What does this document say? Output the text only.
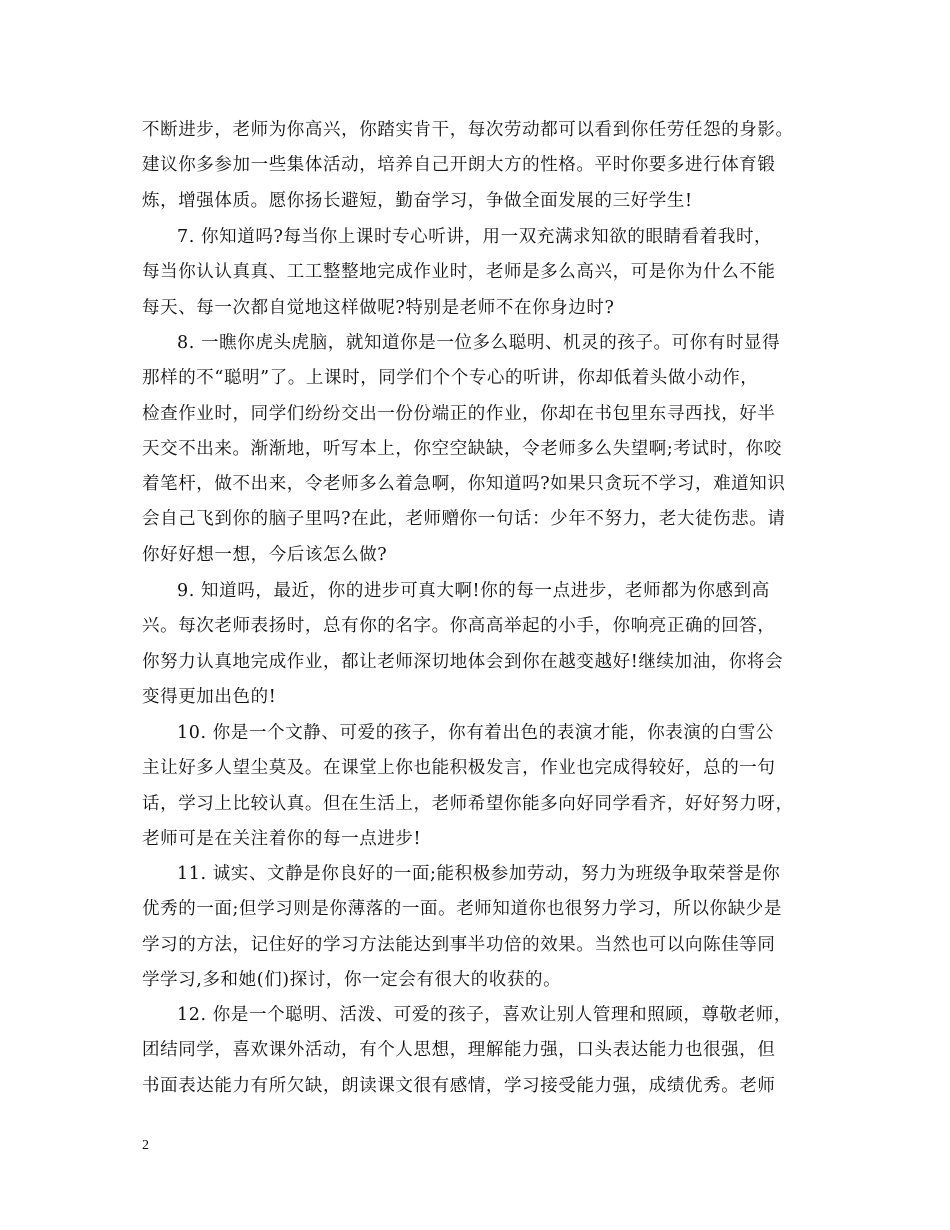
不断进步，老师为你高兴，你踏实肯干，每次劳动都可以看到你任劳任怨的身影。
建议你多参加一些集体活动，培养自己开朗大方的性格。平时你要多进行体育锻
炼，增强体质。愿你扬长避短，勤奋学习，争做全面发展的三好学生!
7. 你知道吗?每当你上课时专心听讲，用一双充满求知欲的眼睛看着我时，
每当你认认真真、工工整整地完成作业时，老师是多么高兴，可是你为什么不能
每天、每一次都自觉地这样做呢?特别是老师不在你身边时?
8. 一瞧你虎头虎脑，就知道你是一位多么聪明、机灵的孩子。可你有时显得
那样的不“聪明”了。上课时，同学们个个专心的听讲，你却低着头做小动作，
检查作业时，同学们纷纷交出一份份端正的作业，你却在书包里东寻西找，好半
天交不出来。渐渐地，听写本上，你空空缺缺，令老师多么失望啊;考试时，你咬
着笔杆，做不出来，令老师多么着急啊，你知道吗?如果只贪玩不学习，难道知识
会自己飞到你的脑子里吗?在此，老师赠你一句话：少年不努力，老大徒伤悲。请
你好好想一想，今后该怎么做?
9. 知道吗，最近，你的进步可真大啊!你的每一点进步，老师都为你感到高
兴。每次老师表扬时，总有你的名字。你高高举起的小手，你响亮正确的回答，
你努力认真地完成作业，都让老师深切地体会到你在越变越好!继续加油，你将会
变得更加出色的!
10. 你是一个文静、可爱的孩子，你有着出色的表演才能，你表演的白雪公
主让好多人望尘莫及。在课堂上你也能积极发言，作业也完成得较好，总的一句
话，学习上比较认真。但在生活上，老师希望你能多向好同学看齐，好好努力呀，
老师可是在关注着你的每一点进步!
11. 诚实、文静是你良好的一面;能积极参加劳动，努力为班级争取荣誉是你
优秀的一面;但学习则是你薄落的一面。老师知道你也很努力学习，所以你缺少是
学习的方法，记住好的学习方法能达到事半功倍的效果。当然也可以向陈佳等同
学学习,多和她(们)探讨，你一定会有很大的收获的。
12. 你是一个聪明、活泼、可爱的孩子，喜欢让别人管理和照顾，尊敬老师，
团结同学，喜欢课外活动，有个人思想，理解能力强，口头表达能力也很强，但
书面表达能力有所欠缺，朗读课文很有感情，学习接受能力强，成绩优秀。老师
2
